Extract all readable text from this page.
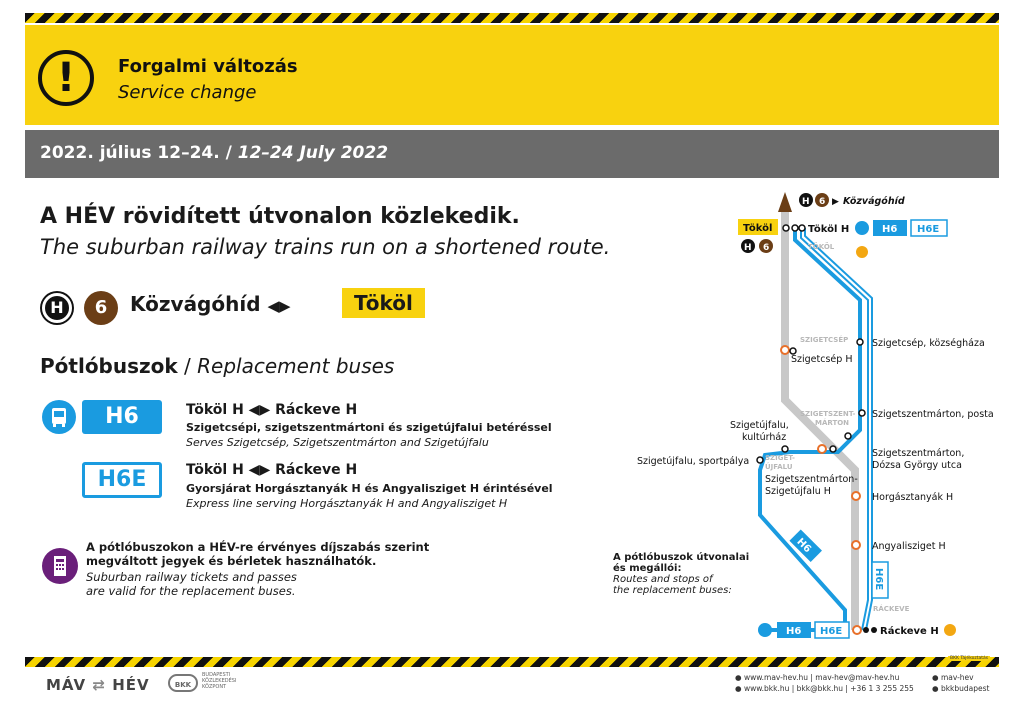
!	Forgalmi változás
Service change
2022. július 12–24. / 12–24 July 2022
A HÉV rövidített útvonalon közlekedik.
The suburban railway trains run on a shortened route.
H	6	Közvágóhíd ◀▶	Tököl
Pótlóbuszok / Replacement buses
H6	Tököl H ◀▶ Ráckeve H
Szigetcsépi, szigetszentmártoni és szigetújfalui betéréssel
Serves Szigetcsép, Szigetszentmárton and Szigetújfalu
H6E	Tököl H ◀▶ Ráckeve H
Gyorsjárat Horgásztanyák H és Angyalisziget H érintésével
Express line serving Horgásztanyák H and Angyalisziget H
A pótlóbuszokon a HÉV-re érvényes díjszabás szerint
megváltott jegyek és bérletek használhatók.
Suburban railway tickets and passes
are valid for the replacement buses.
A pótlóbuszok útvonalai
és megállói:
Routes and stops of
the replacement buses:
TÖKÖL
SZIGETCSÉP
SZIGETSZENT-
MÁRTON
SZIGET-
ÚJFALU
RÁCKEVE
H 6 ▶ Közvágóhíd
Tököl
H 6
Tököl H	H6 H6E
Szigetcsép, községháza
Szigetcsép H
Szigetszentmárton, posta
Szigetújfalu,
kultúrház
Szigetszentmárton,
Dózsa György utca
Szigetújfalu, sportpálya
Szigetszentmárton-
Szigetújfalu H
Horgásztanyák H
Angyalisziget H
H6
H6E
H6 H6E	Ráckeve H
MÁV ⇄ HÉV	BKK
BUDAPESTI
KÖZLEKEDÉSI
KÖZPONT
BKK Tájékoztatás
● www.mav-hev.hu | mav-hev@mav-hev.hu	● mav-hev
● www.bkk.hu | bkk@bkk.hu | +36 1 3 255 255 ● bkkbudapest
